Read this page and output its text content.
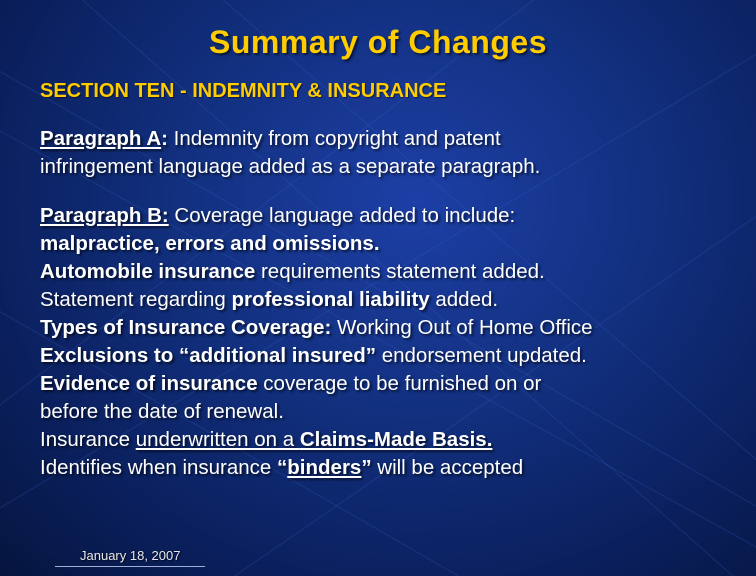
Summary of Changes
SECTION TEN - INDEMNITY & INSURANCE
Paragraph A: Indemnity from copyright and patent
infringement language added as a separate paragraph.
Paragraph B: Coverage language added to include:
malpractice, errors and omissions.
Automobile insurance requirements statement added.
Statement regarding professional liability added.
Types of Insurance Coverage: Working Out of Home Office
Exclusions to “additional insured” endorsement updated.
Evidence of insurance coverage to be furnished on or
before the date of renewal.
Insurance underwritten on a Claims-Made Basis.
Identifies when insurance “binders” will be accepted
January 18, 2007
